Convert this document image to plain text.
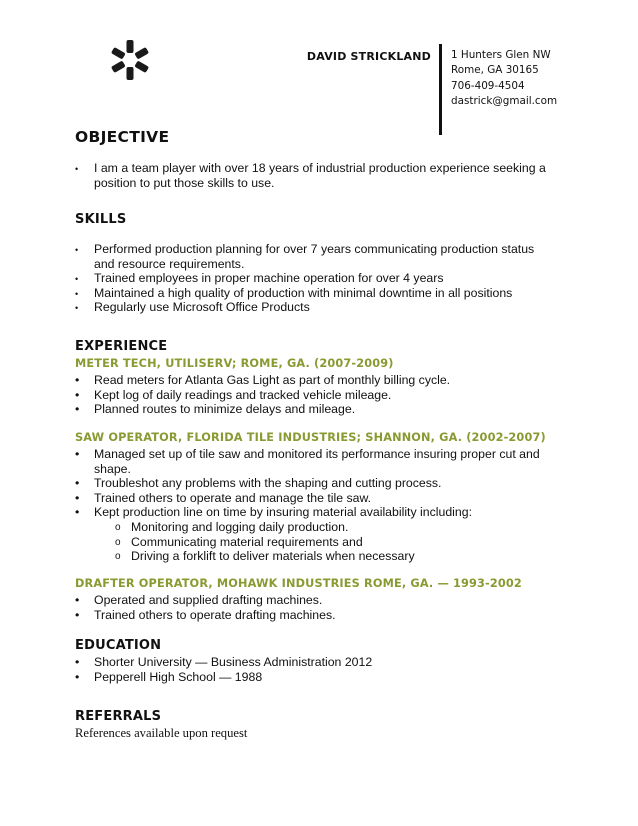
DAVID STRICKLAND 1 Hunters Glen NW
Rome, GA 30165
706-409-4504
dastrick@gmail.com
OBJECTIVE
• I am a team player with over 18 years of industrial production experience seeking a
position to put those skills to use.
SKILLS
• Performed production planning for over 7 years communicating production status
and resource requirements.
• Trained employees in proper machine operation for over 4 years
• Maintained a high quality of production with minimal downtime in all positions
• Regularly use Microsoft Office Products
EXPERIENCE
METER TECH, UTILISERV; ROME, GA. (2007-2009)
• Read meters for Atlanta Gas Light as part of monthly billing cycle.
• Kept log of daily readings and tracked vehicle mileage.
• Planned routes to minimize delays and mileage.
SAW OPERATOR, FLORIDA TILE INDUSTRIES; SHANNON, GA. (2002-2007)
• Managed set up of tile saw and monitored its performance insuring proper cut and
shape.
• Troubleshot any problems with the shaping and cutting process.
• Trained others to operate and manage the tile saw.
• Kept production line on time by insuring material availability including:
o Monitoring and logging daily production.
o Communicating material requirements and
o Driving a forklift to deliver materials when necessary
DRAFTER OPERATOR, MOHAWK INDUSTRIES ROME, GA. — 1993-2002
• Operated and supplied drafting machines.
• Trained others to operate drafting machines.
EDUCATION
• Shorter University — Business Administration 2012
• Pepperell High School — 1988
REFERRALS
References available upon request
